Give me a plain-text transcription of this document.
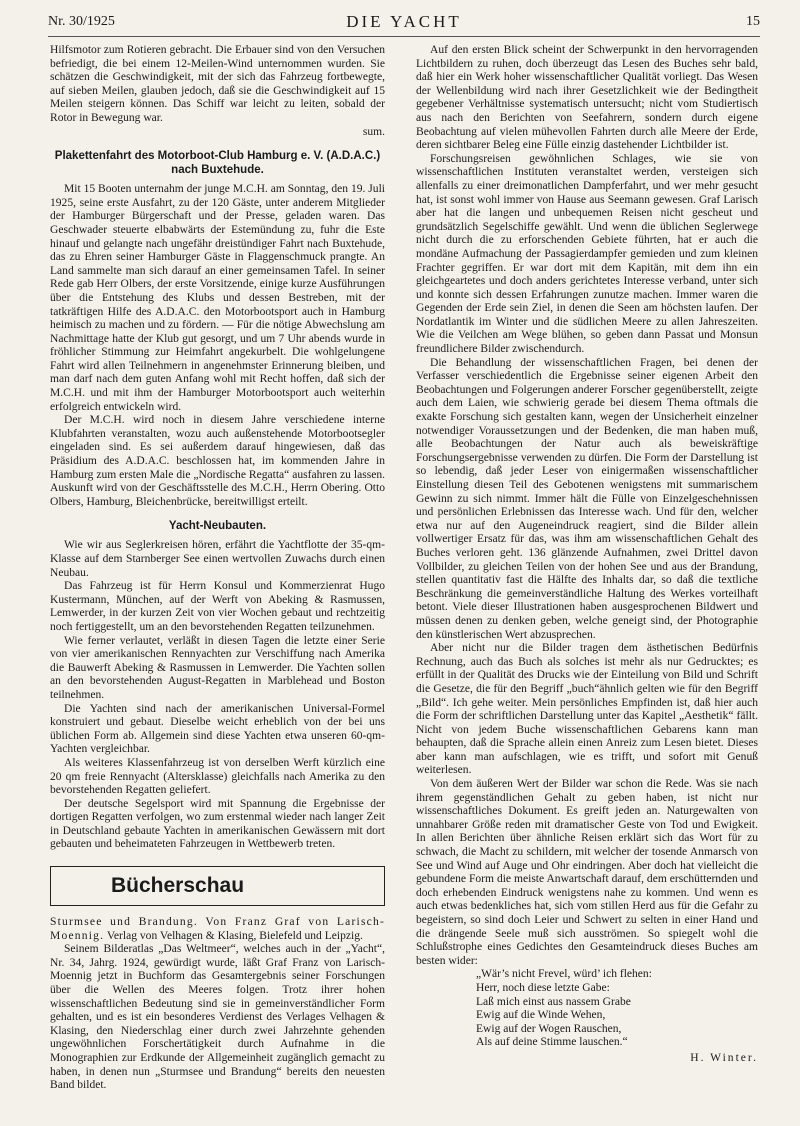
Nr. 30/1925	DIE YACHT	15

Hilfsmotor zum Rotieren gebracht. Die Erbauer sind von den Versuchen befriedigt, die bei einem 12-Meilen-Wind unternommen wurden. Sie schätzen die Geschwindigkeit, mit der sich das Fahrzeug fortbewegte, auf sieben Meilen, glauben jedoch, daß sie die Geschwindigkeit auf 15 Meilen steigern können. Das Schiff war leicht zu leiten, sobald der Rotor in Bewegung war.

sum.
Plakettenfahrt des Motorboot-Club Hamburg e. V. (A.D.A.C.) nach Buxtehude.

Mit 15 Booten unternahm der junge M.C.H. am Sonntag, den 19. Juli 1925, seine erste Ausfahrt, zu der 120 Gäste, unter anderem Mitglieder der Hamburger Bürgerschaft und der Presse, geladen waren. Das Geschwader steuerte elbabwärts der Estemündung zu, fuhr die Este hinauf und gelangte nach ungefähr dreistündiger Fahrt nach Buxtehude, das zu Ehren seiner Hamburger Gäste in Flaggenschmuck prangte. An Land sammelte man sich darauf an einer gemeinsamen Tafel. In seiner Rede gab Herr Olbers, der erste Vorsitzende, einige kurze Ausführungen über die Entstehung des Klubs und dessen Bestreben, mit der tatkräftigen Hilfe des A.D.A.C. den Motorbootsport auch in Hamburg heimisch zu machen und zu fördern. — Für die nötige Abwechslung am Nachmittage hatte der Klub gut gesorgt, und um 7 Uhr abends wurde in fröhlicher Stimmung zur Heimfahrt angekurbelt. Die wohlgelungene Fahrt wird allen Teilnehmern in angenehmster Erinnerung bleiben, und man darf nach dem guten Anfang wohl mit Recht hoffen, daß sich der M.C.H. und mit ihm der Hamburger Motorbootsport auch weiterhin erfolgreich entwickeln wird.

Der M.C.H. wird noch in diesem Jahre verschiedene interne Klubfahrten veranstalten, wozu auch außenstehende Motorbootsegler eingeladen sind. Es sei außerdem darauf hingewiesen, daß das Präsidium des A.D.A.C. beschlossen hat, im kommenden Jahre in Hamburg zum ersten Male die „Nordische Regatta“ ausfahren zu lassen. Auskunft wird von der Geschäftsstelle des M.C.H., Herrn Obering. Otto Olbers, Hamburg, Bleichenbrücke, bereitwilligst erteilt.

Yacht-Neubauten.

Wie wir aus Seglerkreisen hören, erfährt die Yachtflotte der 35-qm-Klasse auf dem Starnberger See einen wertvollen Zuwachs durch einen Neubau.

Das Fahrzeug ist für Herrn Konsul und Kommerzienrat Hugo Kustermann, München, auf der Werft von Abeking & Rasmussen, Lemwerder, in der kurzen Zeit von vier Wochen gebaut und rechtzeitig noch fertiggestellt, um an den bevorstehenden Regatten teilzunehmen.

Wie ferner verlautet, verläßt in diesen Tagen die letzte einer Serie von vier amerikanischen Rennyachten zur Verschiffung nach Amerika die Bauwerft Abeking & Rasmussen in Lemwerder. Die Yachten sollen an den bevorstehenden August-Regatten in Marblehead und Boston teilnehmen.

Die Yachten sind nach der amerikanischen Universal-Formel konstruiert und gebaut. Dieselbe weicht erheblich von der bei uns üblichen Form ab. Allgemein sind diese Yachten etwa unseren 60-qm-Yachten vergleichbar.

Als weiteres Klassenfahrzeug ist von derselben Werft kürzlich eine 20 qm freie Rennyacht (Altersklasse) gleichfalls nach Amerika zu den bevorstehenden Regatten geliefert.

Der deutsche Segelsport wird mit Spannung die Ergebnisse der dortigen Regatten verfolgen, wo zum erstenmal wieder nach langer Zeit in Deutschland gebaute Yachten in amerikanischen Gewässern mit dort gebauten und beheimateten Fahrzeugen in Wettbewerb treten.

Bücherschau

Sturmsee und Brandung. Von Franz Graf von Larisch-Moennig. Verlag von Velhagen & Klasing, Bielefeld und Leipzig.

Seinem Bilderatlas „Das Weltmeer“, welches auch in der „Yacht“, Nr. 34, Jahrg. 1924, gewürdigt wurde, läßt Graf Franz von Larisch-Moennig jetzt in Buchform das Gesamtergebnis seiner Forschungen über die Wellen des Meeres folgen. Trotz ihrer hohen wissenschaftlichen Bedeutung sind sie in gemeinverständlicher Form gehalten, und es ist ein besonderes Verdienst des Verlages Velhagen & Klasing, den Niederschlag einer durch zwei Jahrzehnte gehenden ungewöhnlichen Forschertätigkeit durch Aufnahme in die Monographien zur Erdkunde der Allgemeinheit zugänglich gemacht zu haben, in denen nun „Sturmsee und Brandung“ bereits den neuesten Band bildet.

Auf den ersten Blick scheint der Schwerpunkt in den hervorragenden Lichtbildern zu ruhen, doch überzeugt das Lesen des Buches sehr bald, daß hier ein Werk hoher wissenschaftlicher Qualität vorliegt. Das Wesen der Wellenbildung wird nach ihrer Gesetzlichkeit wie der Bedingtheit gegebener Verhältnisse systematisch untersucht; nicht vom Studiertisch aus nach den Berichten von Seefahrern, sondern durch eigene Beobachtung auf vielen mühevollen Fahrten durch alle Meere der Erde, deren sichtbarer Beleg eine Fülle einzig dastehender Lichtbilder ist.

Forschungsreisen gewöhnlichen Schlages, wie sie von wissenschaftlichen Instituten veranstaltet werden, versteigen sich allenfalls zu einer dreimonatlichen Dampferfahrt, und wer mehr gesucht hat, ist sonst wohl immer von Hause aus Seemann gewesen. Graf Larisch aber hat die langen und unbequemen Reisen nicht gescheut und grundsätzlich Segelschiffe gewählt. Und wenn die üblichen Seglerwege nicht durch die zu erforschenden Gebiete führten, hat er auch die mondäne Aufmachung der Passagierdampfer gemieden und zum kleinen Frachter gegriffen. Er war dort mit dem Kapitän, mit dem ihn ein gleichgeartetes und doch anders gerichtetes Interesse verband, unter sich und konnte sich dessen Erfahrungen zunutze machen. Immer waren die Gegenden der Erde sein Ziel, in denen die Seen am höchsten laufen. Der Nordatlantik im Winter und die südlichen Meere zu allen Jahreszeiten. Wie die Veilchen am Wege blühen, so geben dann Passat und Monsun freundlichere Bilder zwischendurch.

Die Behandlung der wissenschaftlichen Fragen, bei denen der Verfasser verschiedentlich die Ergebnisse seiner eigenen Arbeit den Beobachtungen und Folgerungen anderer Forscher gegenüberstellt, zeigte auch dem Laien, wie schwierig gerade bei diesem Thema oftmals die exakte Forschung sich gestalten kann, wegen der Unsicherheit einzelner notwendiger Voraussetzungen und der Bedenken, die man haben muß, alle Beobachtungen der Natur auch als beweiskräftige Forschungsergebnisse verwenden zu dürfen. Die Form der Darstellung ist so lebendig, daß jeder Leser von einigermaßen wissenschaftlicher Einstellung diesen Teil des Gebotenen wenigstens mit summarischem Gewinn zu sich nimmt. Immer hält die Fülle von Einzelgeschehnissen und persönlichen Erlebnissen das Interesse wach. Und für den, welcher etwa nur auf den Augeneindruck reagiert, sind die Bilder allein vollwertiger Ersatz für das, was ihm am wissenschaftlichen Gehalt des Buches verloren geht. 136 glänzende Aufnahmen, zwei Drittel davon Vollbilder, zu gleichen Teilen von der hohen See und aus der Brandung, stellen quantitativ fast die Hälfte des Inhalts dar, so daß die textliche Beschränkung die gemeinverständliche Haltung des Werkes vorteilhaft betont. Viele dieser Illustrationen haben ausgesprochenen Bildwert und müssen denen zu denken geben, welche geneigt sind, der Photographie den künstlerischen Wert abzusprechen.

Aber nicht nur die Bilder tragen dem ästhetischen Bedürfnis Rechnung, auch das Buch als solches ist mehr als nur Gedrucktes; es erfüllt in der Qualität des Drucks wie der Einteilung von Bild und Schrift die Gesetze, die für den Begriff „buch“ähnlich gelten wie für den Begriff „Bild“. Ich gehe weiter. Mein persönliches Empfinden ist, daß hier auch die Form der schriftlichen Darstellung unter das Kapitel „Aesthetik“ fällt. Nicht von jedem Buche wissenschaftlichen Gebarens kann man behaupten, daß die Sprache allein einen Anreiz zum Lesen bietet. Dieses aber kann man aufschlagen, wie es trifft, und sofort mit Genuß weiterlesen.

Von dem äußeren Wert der Bilder war schon die Rede. Was sie nach ihrem gegenständlichen Gehalt zu geben haben, ist nicht nur wissenschaftliches Dokument. Es greift jeden an. Naturgewalten von unnahbarer Größe reden mit dramatischer Geste von Tod und Ewigkeit. In allen Berichten über ähnliche Reisen erklärt sich das Wort für zu schwach, die Macht zu schildern, mit welcher der tosende Anmarsch von See und Wind auf Auge und Ohr eindringen. Aber doch hat vielleicht die gebundene Form die meiste Anwartschaft darauf, dem erschütternden und doch erhebenden Eindruck wenigstens nahe zu kommen. Und wenn es auch etwas bedenkliches hat, sich vom stillen Herd aus für die Gefahr zu begeistern, so sind doch Leier und Schwert zu selten in einer Hand und die drängende Seele muß sich ausströmen. So spiegelt wohl die Schlußstrophe eines Gedichtes den Gesamteindruck dieses Buches am besten wider:

„Wär’s nicht Frevel, würd’ ich flehen:
Herr, noch diese letzte Gabe:
Laß mich einst aus nassem Grabe
Ewig auf die Winde Wehen,
Ewig auf der Wogen Rauschen,
Als auf deine Stimme lauschen.“
H. Winter.
